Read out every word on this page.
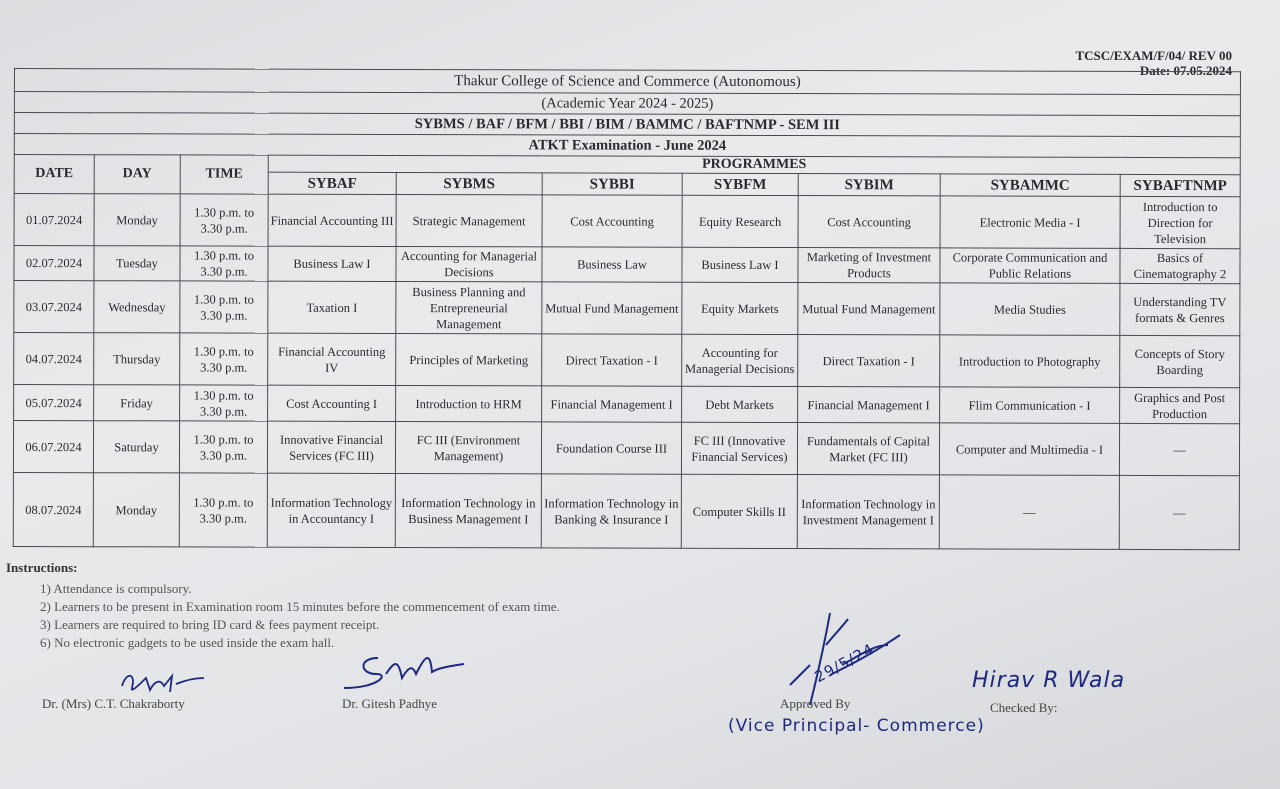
TCSC/EXAM/F/04/ REV 00
Date: 07.05.2024
Thakur College of Science and Commerce (Autonomous)									
(Academic Year 2024 - 2025)									
SYBMS / BAF / BFM / BBI / BIM / BAMMC / BAFTNMP - SEM III									
ATKT Examination - June 2024									
DATE	DAY	TIME	PROGRAMMES						
			SYBAF	SYBMS	SYBBI	SYBFM	SYBIM	SYBAMMC	SYBAFTNMP
01.07.2024	Monday	1.30 p.m. to 3.30 p.m.	Financial Accounting III	Strategic Management	Cost Accounting	Equity Research	Cost Accounting	Electronic Media - I	Introduction to Direction for Television
02.07.2024	Tuesday	1.30 p.m. to 3.30 p.m.	Business Law I	Accounting for Managerial Decisions	Business Law	Business Law I	Marketing of Investment Products	Corporate Communication and Public Relations	Basics of Cinematography 2
03.07.2024	Wednesday	1.30 p.m. to 3.30 p.m.	Taxation I	Business Planning and Entrepreneurial Management	Mutual Fund Management	Equity Markets	Mutual Fund Management	Media Studies	Understanding TV formats & Genres
04.07.2024	Thursday	1.30 p.m. to 3.30 p.m.	Financial Accounting IV	Principles of Marketing	Direct Taxation - I	Accounting for Managerial Decisions	Direct Taxation - I	Introduction to Photography	Concepts of Story Boarding
05.07.2024	Friday	1.30 p.m. to 3.30 p.m.	Cost Accounting I	Introduction to HRM	Financial Management I	Debt Markets	Financial Management I	Flim Communication - I	Graphics and Post Production
06.07.2024	Saturday	1.30 p.m. to 3.30 p.m.	Innovative Financial Services (FC III)	FC III (Environment Management)	Foundation Course III	FC III (Innovative Financial Services)	Fundamentals of Capital Market (FC III)	Computer and Multimedia - I	—
08.07.2024	Monday	1.30 p.m. to 3.30 p.m.	Information Technology in Accountancy I	Information Technology in Business Management I	Information Technology in Banking & Insurance I	Computer Skills II	Information Technology in Investment Management I	—	—
Instructions:
1) Attendance is compulsory.
2) Learners to be present in Examination room 15 minutes before the commencement of exam time.
3) Learners are required to bring ID card & fees payment receipt.
6) No electronic gadgets to be used inside the exam hall.	29/5/24	Hirav R Wala
(Vice Principal- Commerce)
Dr. (Mrs) C.T. Chakraborty	Dr. Gitesh Padhye	Approved By	Checked By:
